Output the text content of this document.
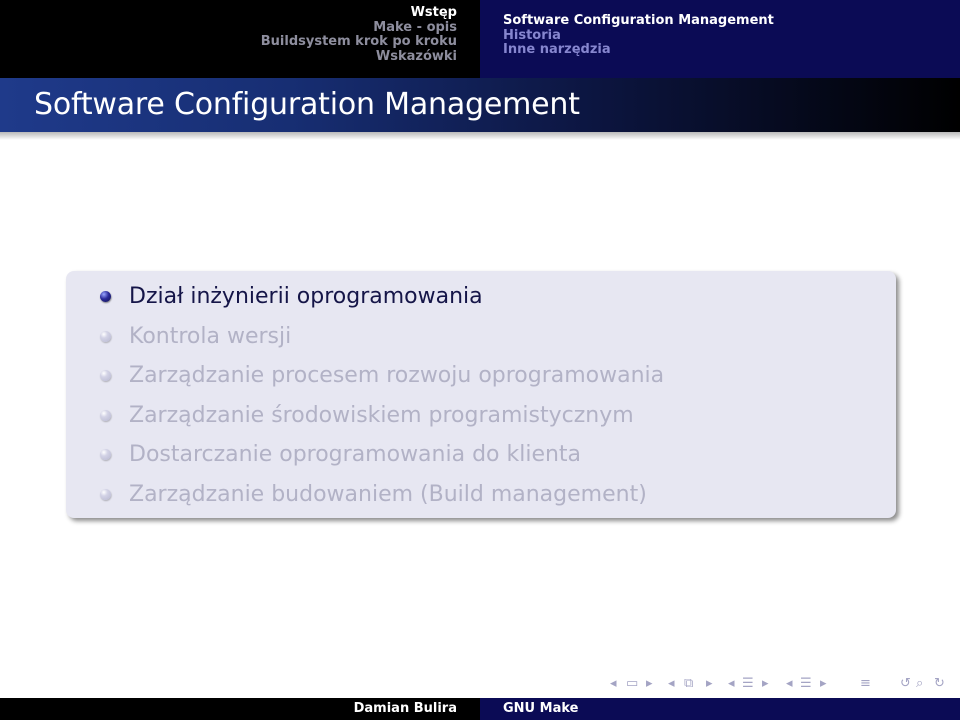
Wstęp
Make - opis
Buildsystem krok po kroku
Wskazówki
Software Configuration Management
Historia
Inne narzędzia
Software Configuration Management
Dział inżynierii oprogramowania
Kontrola wersji
Zarządzanie procesem rozwoju oprogramowania
Zarządzanie środowiskiem programistycznym
Dostarczanie oprogramowania do klienta
Zarządzanie budowaniem (Build management)
◂ ▭ ▸ ◂ ⧉ ▸ ◂ ☰ ▸ ◂ ☰ ▸	≡ ↺ ⌕ ↻
Damian Bulira	GNU Make
